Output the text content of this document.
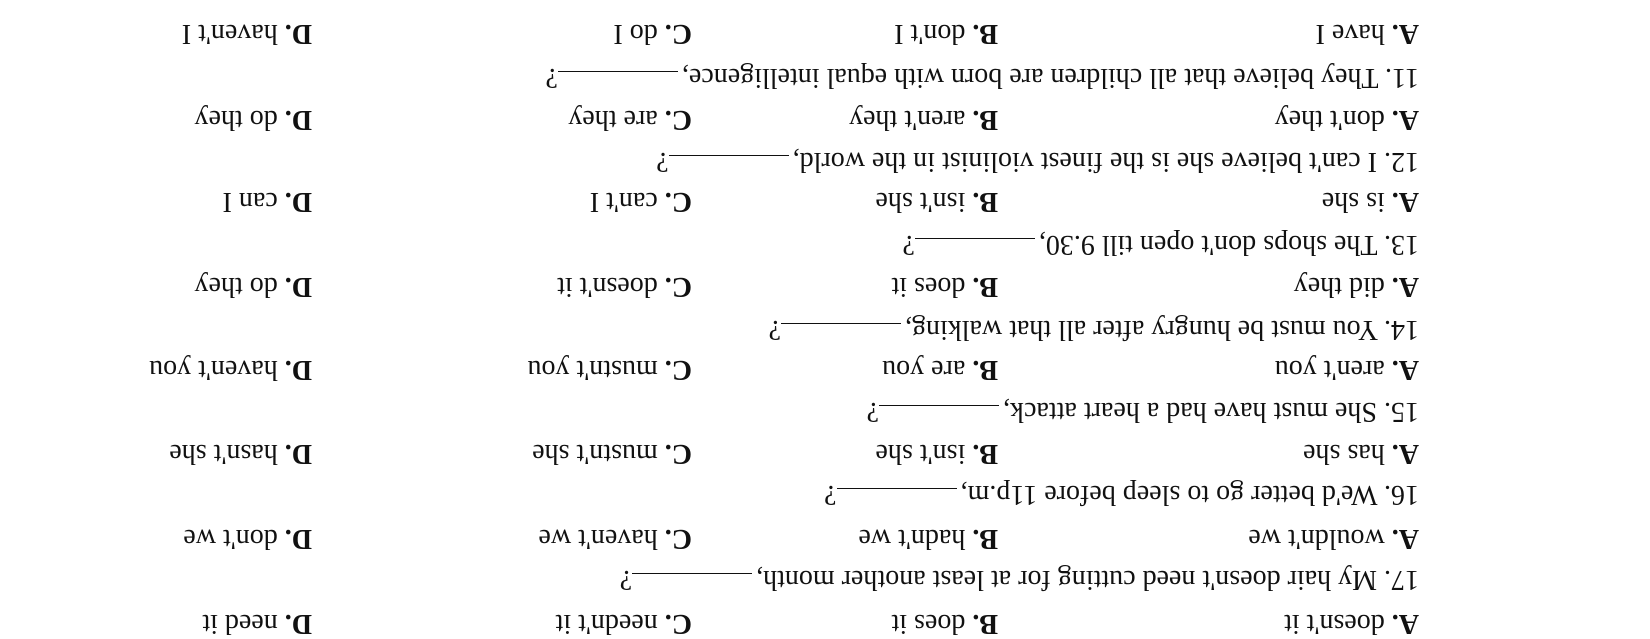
A. doesn't it
B. does it
C. needn't it
D. need it
17. My hair doesn't need cutting for at least another month,?
A. wouldn't we
B. hadn't we
C. haven't we
D. don't we
16. We'd better go to sleep before 11p.m,?
A. has she
B. isn't she
C. mustn't she
D. hasn't she
15. She must have had a heart attack,?
A. aren't you
B. are you
C. mustn't you
D. haven't you
14. You must be hungry after all that walking,?
A. did they
B. does it
C. doesn't it
D. do they
13. The shops don't open till 9.30,?
A. is she
B. isn't she
C. can't I
D. can I
12. I can't believe she is the finest violinist in the world,?
A. don't they
B. aren't they
C. are they
D. do they
11. They believe that all children are born with equal intelligence,?
A. have I
B. don't I
C. do I
D. haven't I
